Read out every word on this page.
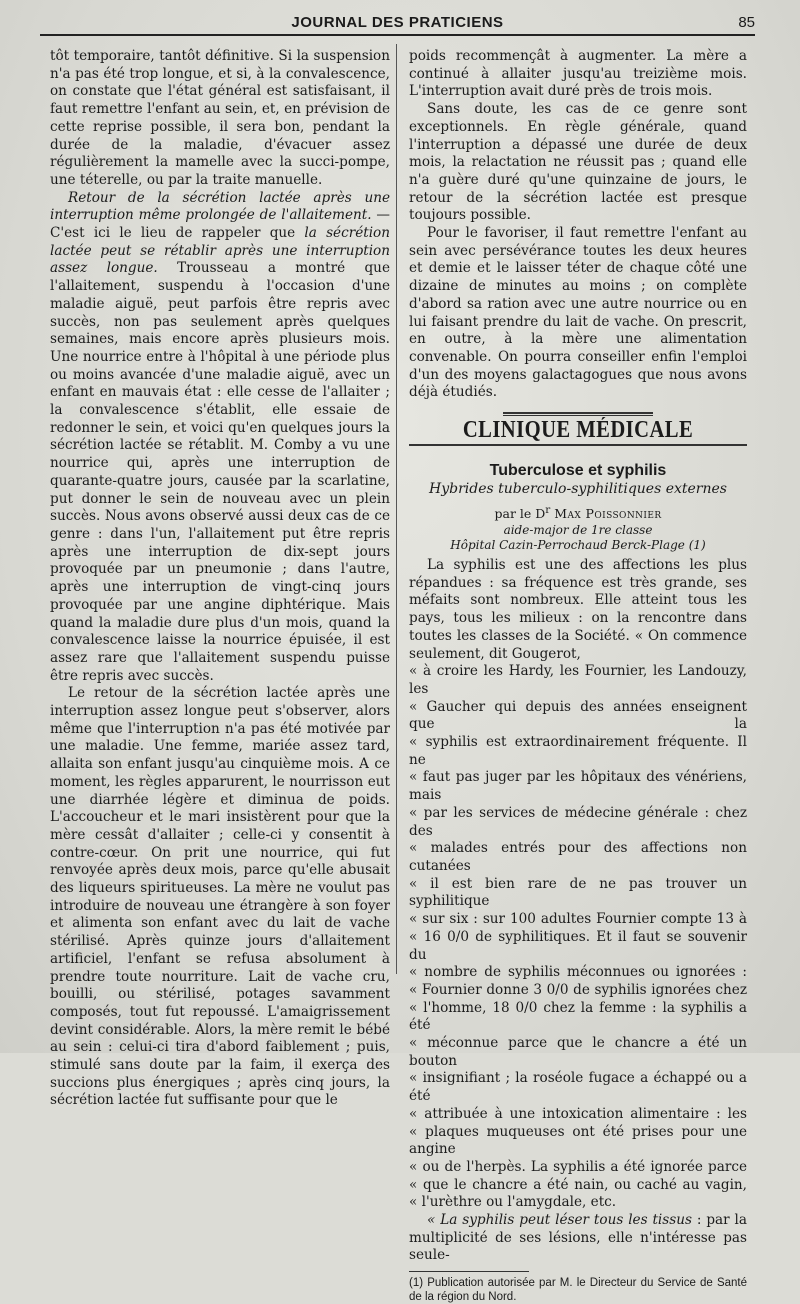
JOURNAL DES PRATICIENS	85

tôt temporaire, tantôt définitive. Si la suspension n'a pas été trop longue, et si, à la convalescence, on constate que l'état général est satisfaisant, il faut remettre l'enfant au sein, et, en prévision de cette reprise possible, il sera bon, pendant la durée de la maladie, d'évacuer assez régulièrement la mamelle avec la succi-pompe, une téterelle, ou par la traite manuelle.

Retour de la sécrétion lactée après une interruption même prolongée de l'allaitement. — C'est ici le lieu de rappeler que la sécrétion lactée peut se rétablir après une interruption assez longue. Trousseau a montré que l'allaitement, suspendu à l'occasion d'une maladie aiguë, peut parfois être repris avec succès, non pas seulement après quelques semaines, mais encore après plusieurs mois. Une nourrice entre à l'hôpital à une période plus ou moins avancée d'une maladie aiguë, avec un enfant en mauvais état : elle cesse de l'allaiter ; la convalescence s'établit, elle essaie de redonner le sein, et voici qu'en quelques jours la sécrétion lactée se rétablit. M. Comby a vu une nourrice qui, après une interruption de quarante-quatre jours, causée par la scarlatine, put donner le sein de nouveau avec un plein succès. Nous avons observé aussi deux cas de ce genre : dans l'un, l'allaitement put être repris après une interruption de dix-sept jours provoquée par un pneumonie ; dans l'autre, après une interruption de vingt-cinq jours provoquée par une angine diphtérique. Mais quand la maladie dure plus d'un mois, quand la convalescence laisse la nourrice épuisée, il est assez rare que l'allaitement suspendu puisse être repris avec succès.

Le retour de la sécrétion lactée après une interruption assez longue peut s'observer, alors même que l'interruption n'a pas été motivée par une maladie. Une femme, mariée assez tard, allaita son enfant jusqu'au cinquième mois. A ce moment, les règles apparurent, le nourrisson eut une diarrhée légère et diminua de poids. L'accoucheur et le mari insistèrent pour que la mère cessât d'allaiter ; celle-ci y consentit à contre-cœur. On prit une nourrice, qui fut renvoyée après deux mois, parce qu'elle abusait des liqueurs spiritueuses. La mère ne voulut pas introduire de nouveau une étrangère à son foyer et alimenta son enfant avec du lait de vache stérilisé. Après quinze jours d'allaitement artificiel, l'enfant se refusa absolument à prendre toute nourriture. Lait de vache cru, bouilli, ou stérilisé, potages savamment composés, tout fut repoussé. L'amaigrissement devint considérable. Alors, la mère remit le bébé au sein : celui-ci tira d'abord faiblement ; puis, stimulé sans doute par la faim, il exerça des succions plus énergiques ; après cinq jours, la sécrétion lactée fut suffisante pour que le

poids recommençât à augmenter. La mère a continué à allaiter jusqu'au treizième mois. L'interruption avait duré près de trois mois.

Sans doute, les cas de ce genre sont exceptionnels. En règle générale, quand l'interruption a dépassé une durée de deux mois, la relactation ne réussit pas ; quand elle n'a guère duré qu'une quinzaine de jours, le retour de la sécrétion lactée est presque toujours possible.

Pour le favoriser, il faut remettre l'enfant au sein avec persévérance toutes les deux heures et demie et le laisser téter de chaque côté une dizaine de minutes au moins ; on complète d'abord sa ration avec une autre nourrice ou en lui faisant prendre du lait de vache. On prescrit, en outre, à la mère une alimentation convenable. On pourra conseiller enfin l'emploi d'un des moyens galactagogues que nous avons déjà étudiés.

CLINIQUE MÉDICALE
Tuberculose et syphilis
Hybrides tuberculo-syphilitiques externes
par le $D^r$ Max Poissonnier
aide-major de 1re classe
Hôpital Cazin-Perrochaud Berck-Plage (1)

La syphilis est une des affections les plus répandues : sa fréquence est très grande, ses méfaits sont nombreux. Elle atteint tous les pays, tous les milieux : on la rencontre dans toutes les classes de la Société. « On commence seulement, dit Gougerot,

« à croire les Hardy, les Fournier, les Landouzy, les
« Gaucher qui depuis des années enseignent que la
« syphilis est extraordinairement fréquente. Il ne
« faut pas juger par les hôpitaux des vénériens, mais
« par les services de médecine générale : chez des
« malades entrés pour des affections non cutanées
« il est bien rare de ne pas trouver un syphilitique
« sur six : sur 100 adultes Fournier compte 13 à
« 16 0/0 de syphilitiques. Et il faut se souvenir du
« nombre de syphilis méconnues ou ignorées :
« Fournier donne 3 0/0 de syphilis ignorées chez
« l'homme, 18 0/0 chez la femme : la syphilis a été
« méconnue parce que le chancre a été un bouton
« insignifiant ; la roséole fugace a échappé ou a été
« attribuée à une intoxication alimentaire : les
« plaques muqueuses ont été prises pour une angine
« ou de l'herpès. La syphilis a été ignorée parce
« que le chancre a été nain, ou caché au vagin,
« l'urèthre ou l'amygdale, etc.

« La syphilis peut léser tous les tissus : par la multiplicité de ses lésions, elle n'intéresse pas seule-

(1) Publication autorisée par M. le Directeur du Service de Santé de la région du Nord.
